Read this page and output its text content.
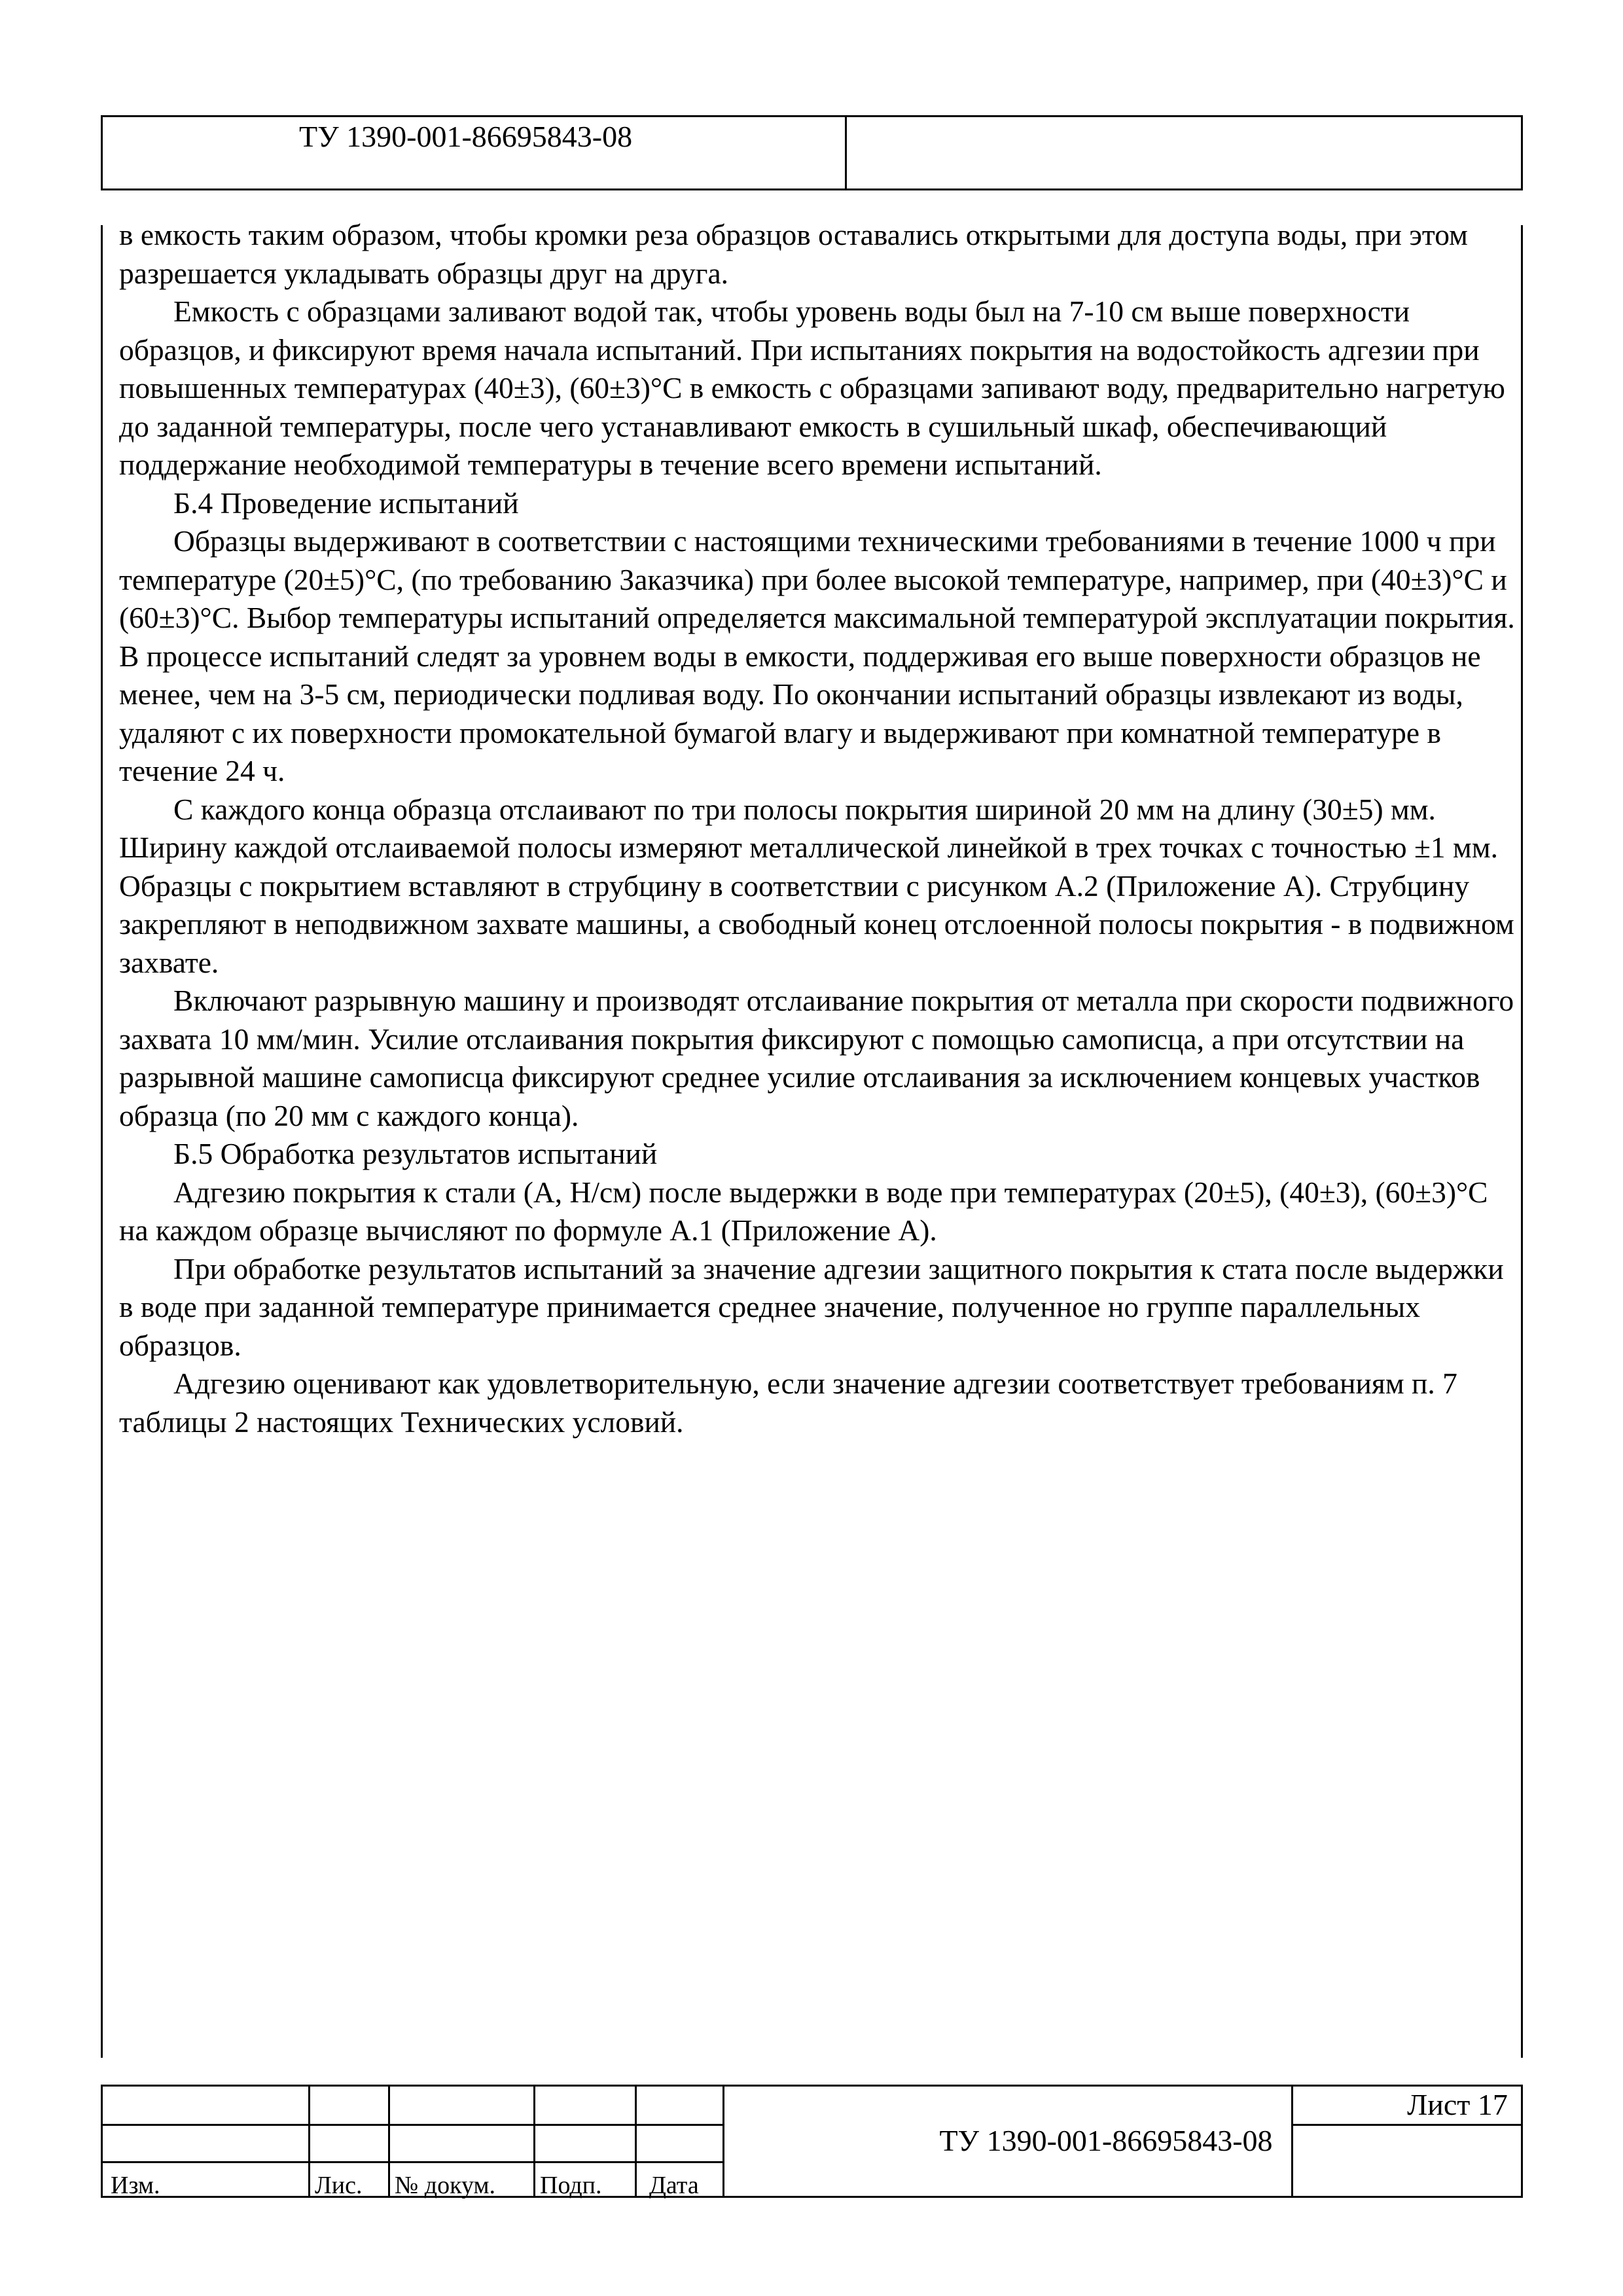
ТУ 1390-001-86695843-08

в емкость таким образом, чтобы кромки реза образцов оставались открытыми для доступа воды, при этом разрешается укладывать образцы друг на друга.

Емкость с образцами заливают водой так, чтобы уровень воды был на 7-10 см выше поверхности образцов, и фиксируют время начала испытаний. При испытаниях покрытия на водостойкость адгезии при повышенных температурах (40±3), (60±3)°С в емкость с образцами запивают воду, предварительно нагретую до заданной температуры, после чего устанавливают емкость в сушильный шкаф, обеспечивающий поддержание необходимой температуры в течение всего времени испытаний.

Б.4 Проведение испытаний

Образцы выдерживают в соответствии с настоящими техническими требованиями в течение 1000 ч при температуре (20±5)°С, (по требованию Заказчика) при более высокой температуре, например, при (40±3)°С и (60±3)°С. Выбор температуры испытаний определяется максимальной температурой эксплуатации покрытия. В процессе испытаний следят за уровнем воды в емкости, поддерживая его выше поверхности образцов не менее, чем на 3-5 см, периодически подливая воду. По окончании испытаний образцы извлекают из воды, удаляют с их поверхности промокательной бумагой влагу и выдерживают при комнатной температуре в течение 24 ч.

С каждого конца образца отслаивают по три полосы покрытия шириной 20 мм на длину (30±5) мм. Ширину каждой отслаиваемой полосы измеряют металлической линейкой в трех точках с точностью ±1 мм. Образцы с покрытием вставляют в струбцину в соответствии с рисунком А.2 (Приложение А). Струбцину закрепляют в неподвижном захвате машины, а свободный конец отслоенной полосы покрытия - в подвижном захвате.

Включают разрывную машину и производят отслаивание покрытия от металла при скорости подвижного захвата 10 мм/мин. Усилие отслаивания покрытия фиксируют с помощью самописца, а при отсутствии на разрывной машине самописца фиксируют среднее усилие отслаивания за исключением концевых участков образца (по 20 мм с каждого конца).

Б.5 Обработка результатов испытаний

Адгезию покрытия к стали (А, Н/см) после выдержки в воде при температурах (20±5), (40±3), (60±3)°С на каждом образце вычисляют по формуле А.1 (Приложение А).

При обработке результатов испытаний за значение адгезии защитного покрытия к стата после выдержки в воде при заданной температуре принимается среднее значение, полученное но группе параллельных образцов.

Адгезию оценивают как удовлетворительную, если значение адгезии соответствует требованиям п. 7 таблицы 2 настоящих Технических условий.

Изм.	Лис. № докум. Подп. Дата
ТУ 1390-001-86695843-08
Лист 17
